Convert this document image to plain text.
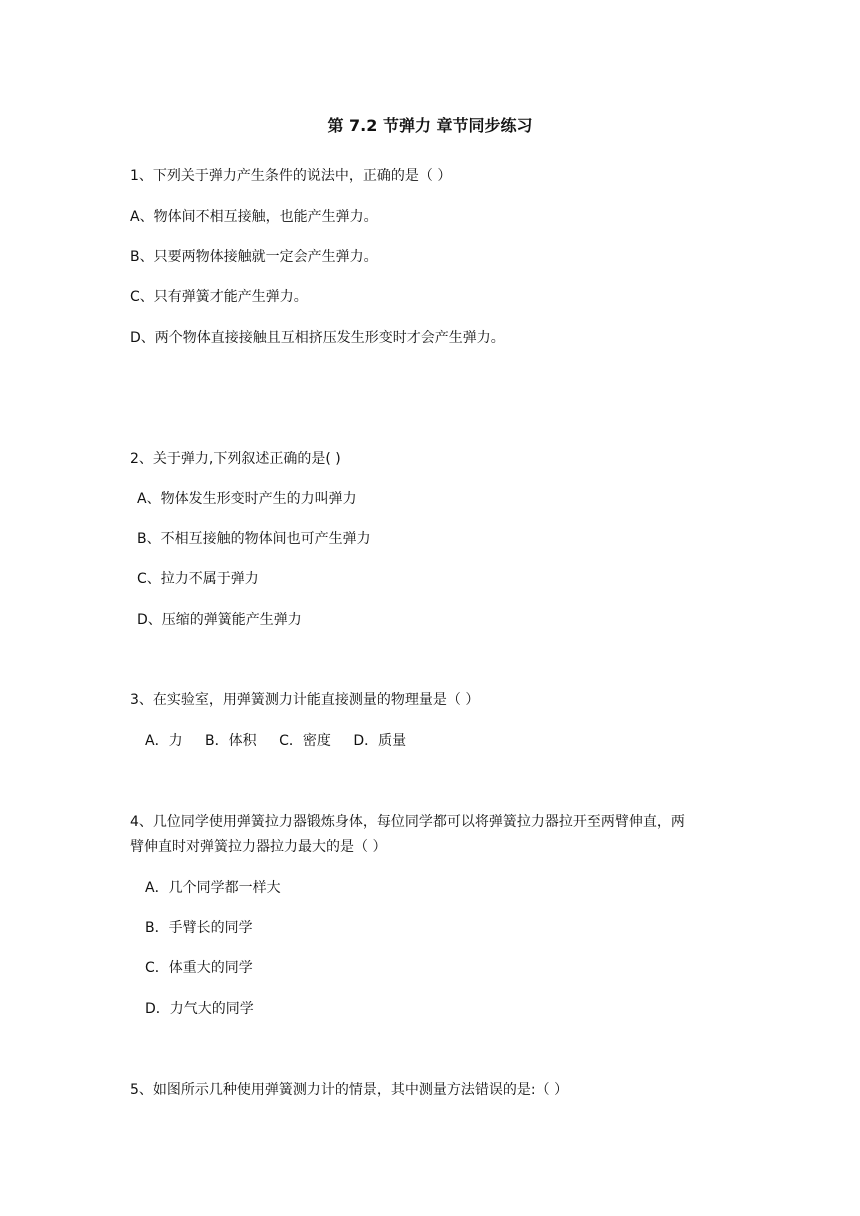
第 7.2 节弹力 章节同步练习
1、下列关于弹力产生条件的说法中，正确的是（ ）
A、物体间不相互接触，也能产生弹力。
B、只要两物体接触就一定会产生弹力。
C、只有弹簧才能产生弹力。
D、两个物体直接接触且互相挤压发生形变时才会产生弹力。
2、关于弹力,下列叙述正确的是( )
A、物体发生形变时产生的力叫弹力
B、不相互接触的物体间也可产生弹力
C、拉力不属于弹力
D、压缩的弹簧能产生弹力
3、在实验室，用弹簧测力计能直接测量的物理量是（ ）
A．力 B．体积 C．密度 D．质量
4、几位同学使用弹簧拉力器锻炼身体，每位同学都可以将弹簧拉力器拉开至两臂伸直，两
臂伸直时对弹簧拉力器拉力最大的是（ ）
A．几个同学都一样大
B．手臂长的同学
C．体重大的同学
D．力气大的同学
5、如图所示几种使用弹簧测力计的情景，其中测量方法错误的是:（ ）
